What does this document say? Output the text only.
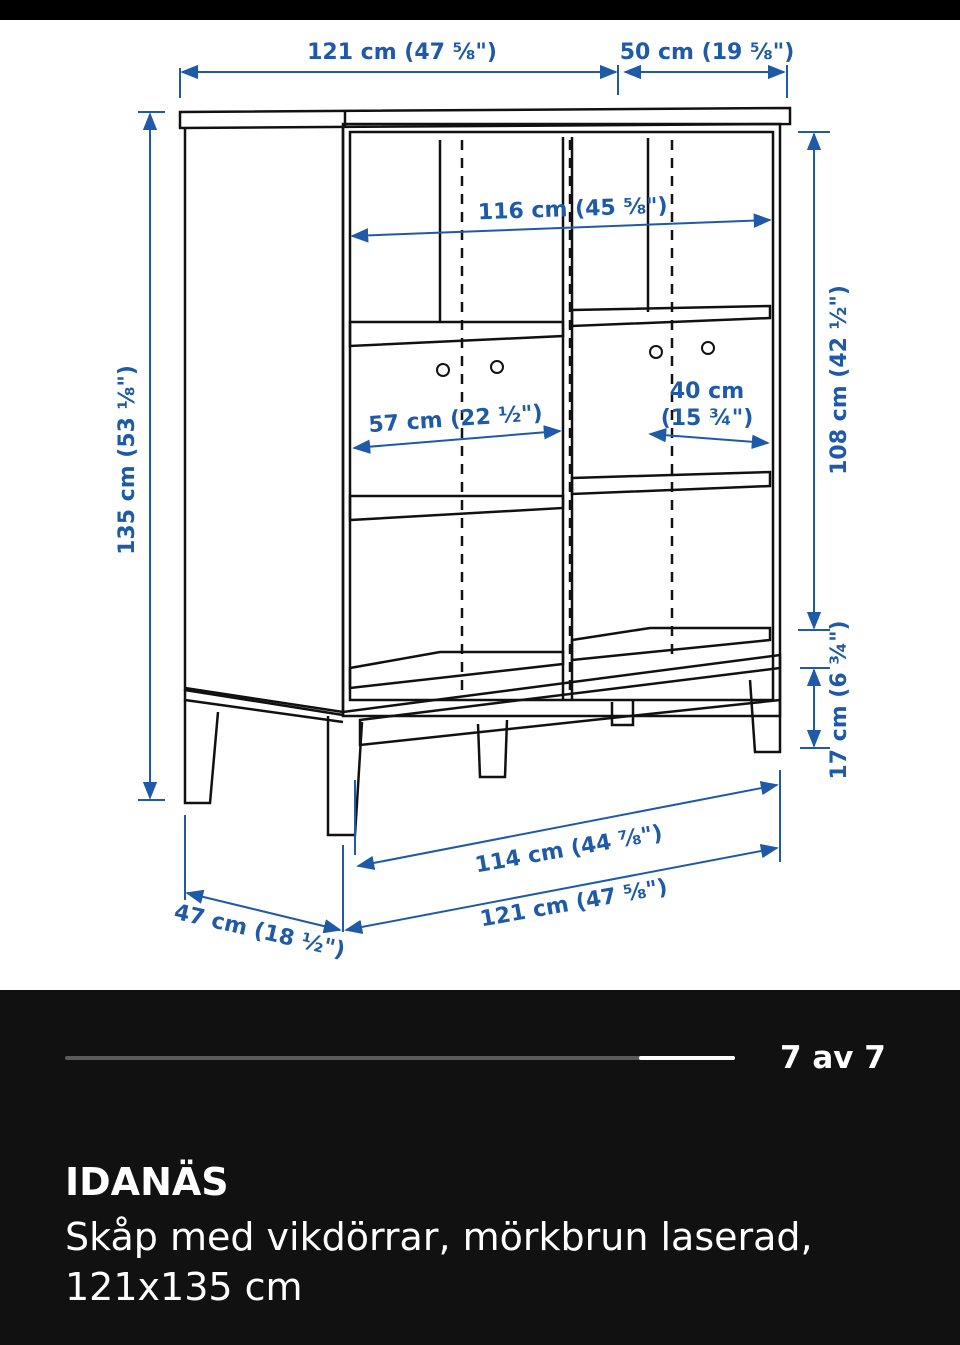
121 cm (47 ⅝")	50 cm (19 ⅝")
116 cm (45 ⅝")
135 cm (53 ⅛")	108 cm (42 ½")
57 cm (22 ½")
40 cm
(15 ¾")
17 cm (6 ¾")
114 cm (44 ⅞")
121 cm (47 ⅝")
47 cm (18 ½")
7 av 7
IDANÄS
Skåp med vikdörrar, mörkbrun laserad, 121x135 cm
